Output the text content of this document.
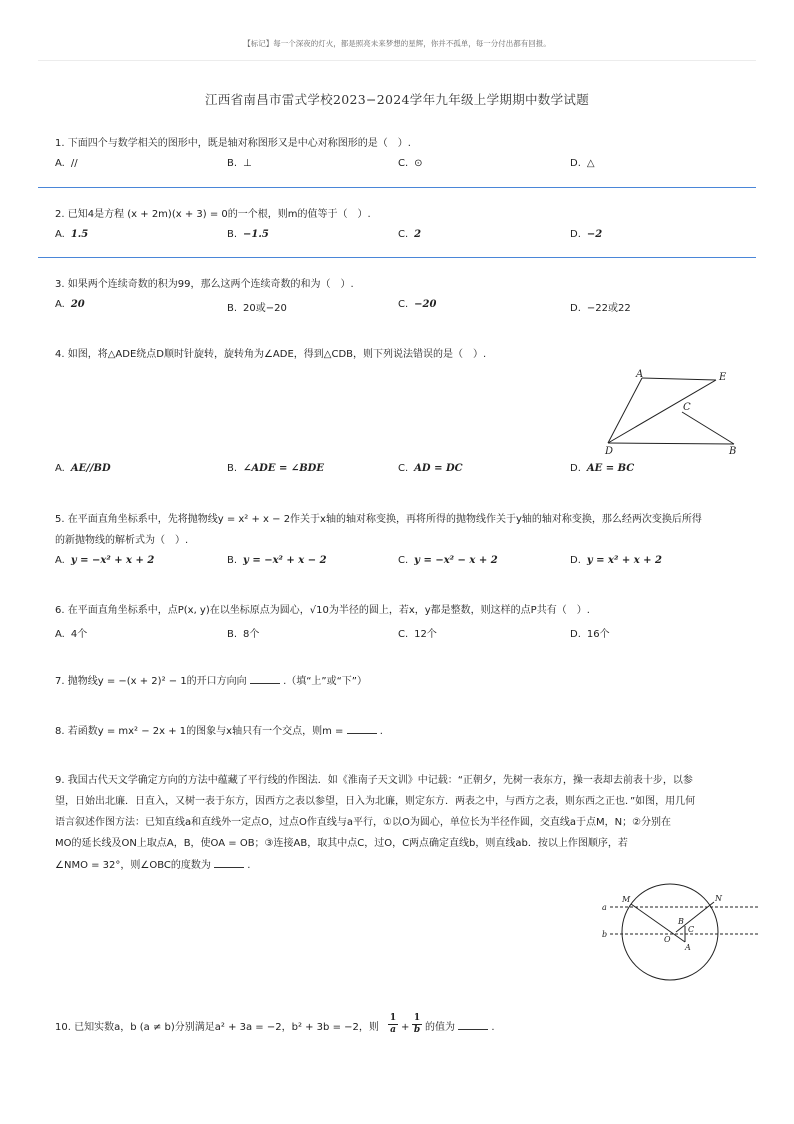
【标记】每一个深夜的灯火，都是照亮未来梦想的星辉，你并不孤单，每一分付出都有回报。
江西省南昌市雷式学校2023−2024学年九年级上学期期中数学试题
1. 下面四个与数学相关的图形中，既是轴对称图形又是中心对称图形的是（　）.
A. //	B. ⊥	C. ⊙	D. △
2. 已知4是方程 (x + 2m)(x + 3) = 0的一个根，则m的值等于（　）.
A. 1.5	B. −1.5	C. 2	D. −2
3. 如果两个连续奇数的积为99，那么这两个连续奇数的和为（　）.
A. 20	B. 20或−20	C. −20	D. −22或22
4. 如图，将△ADE绕点D顺时针旋转，旋转角为∠ADE，得到△CDB，则下列说法错误的是（　）.
A	E
C
D	B
A. AE//BD	B. ∠ADE = ∠BDE	C. AD = DC	D. AE = BC
5. 在平面直角坐标系中，先将抛物线y = x² + x − 2作关于x轴的轴对称变换，再将所得的抛物线作关于y轴的轴对称变换，那么经两次变换后所得
的新抛物线的解析式为（　）.
A. y = −x² + x + 2	B. y = −x² + x − 2	C. y = −x² − x + 2	D. y = x² + x + 2
6. 在平面直角坐标系中，点P(x, y)在以坐标原点为圆心，√10为半径的圆上，若x，y都是整数，则这样的点P共有（　）.
A. 4个	B. 8个	C. 12个	D. 16个
7. 抛物线y = −(x + 2)² − 1的开口方向向	.（填“上”或“下”）
8. 若函数y = mx² − 2x + 1的图象与x轴只有一个交点，则m =	.
9. 我国古代天文学确定方向的方法中蕴藏了平行线的作图法．如《淮南子天文训》中记载：“正朝夕，先树一表东方，操一表却去前表十步，以参
望，日始出北廉．日直入，又树一表于东方，因西方之表以参望，日入为北廉，则定东方．两表之中，与西方之表，则东西之正也．”如图，用几何
语言叙述作图方法：已知直线a和直线外一定点O，过点O作直线与a平行，①以O为圆心，单位长为半径作圆，交直线a于点M，N；②分别在
MO的延长线及ON上取点A，B，使OA = OB；③连接AB，取其中点C，过O，C两点确定直线b，则直线ab．按以上作图顺序，若
∠NMO = 32°，则∠OBC的度数为	.
a
b
M	N
B
C
O
A
10. 已知实数a，b (a ≠ b)分别满足a² + 3a = −2，b² + 3b = −2，则
1
a +
1
b 的值为	.
